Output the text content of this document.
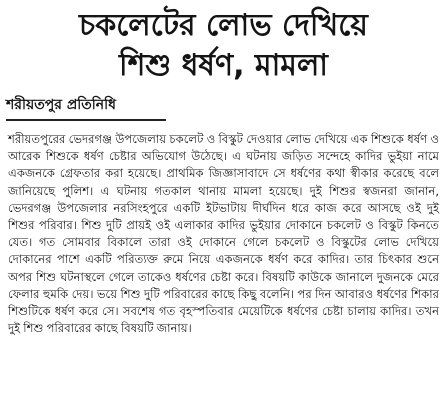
চকলেটের লোভ দেখিয়ে
শিশু ধর্ষণ, মামলা
শরীয়তপুর প্রতিনিধি

শরীয়তপুরের ভেদরগঞ্জ উপজেলায় চকলেট ও বিস্কুট দেওয়ার লোভ দেখিয়ে এক শিশুকে ধর্ষণ ও আরেক শিশুকে ধর্ষণ চেষ্টার অভিযোগ উঠেছে। এ ঘটনায় জড়িত সন্দেহে কাদির ভুইয়া নামে একজনকে গ্রেফতার করা হয়েছে। প্রাথমিক জিজ্ঞাসাবাদে সে ধর্ষণের কথা স্বীকার করেছে বলে জানিয়েছে পুলিশ। এ ঘটনায় গতকাল থানায় মামলা হয়েছে। দুই শিশুর স্বজনরা জানান, ভেদরগঞ্জ উপজেলার নরসিংহপুরে একটি ইটভাটায় দীর্ঘদিন ধরে কাজ করে আসছে ওই দুই শিশুর পরিবার। শিশু দুটি প্রায়ই ওই এলাকার কাদির ভুইয়ার দোকানে চকলেট ও বিস্কুট কিনতে যেত। গত সোমবার বিকালে তারা ওই দোকানে গেলে চকলেট ও বিস্কুটের লোভ দেখিয়ে দোকানের পাশে একটি পরিত্যক্ত রুমে নিয়ে একজনকে ধর্ষণ করে কাদির। তার চিৎকার শুনে অপর শিশু ঘটনাস্থলে গেলে তাকেও ধর্ষণের চেষ্টা করে। বিষয়টি কাউকে জানালে দুজনকে মেরে ফেলার হুমকি দেয়। ভয়ে শিশু দুটি পরিবারের কাছে কিছু বলেনি। পর দিন আবারও ধর্ষণের শিকার শিশুটিকে ধর্ষণ করে সে। সবশেষ গত বৃহস্পতিবার মেয়েটিকে ধর্ষণের চেষ্টা চালায় কাদির। তখন দুই শিশু পরিবারের কাছে বিষয়টি জানায়।
